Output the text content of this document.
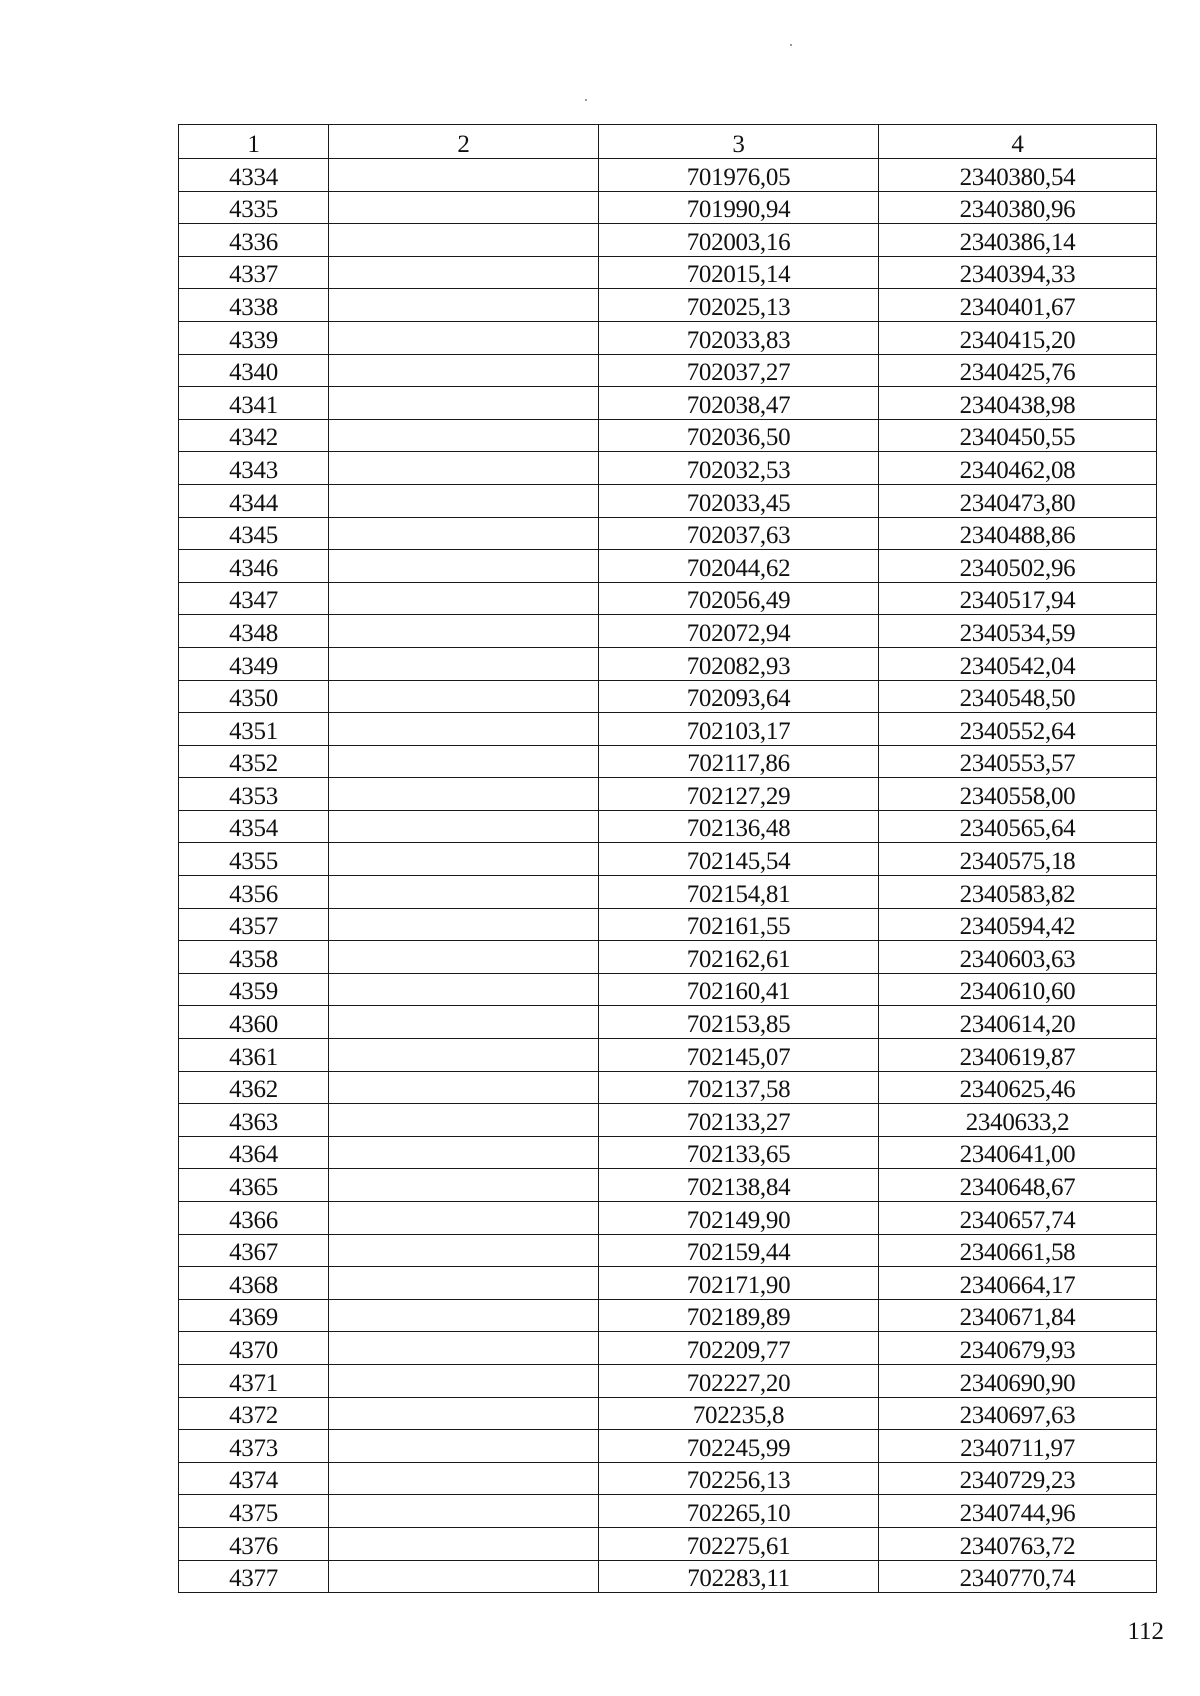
1	2	3	4
4334		701976,05	2340380,54
4335		701990,94	2340380,96
4336		702003,16	2340386,14
4337		702015,14	2340394,33
4338		702025,13	2340401,67
4339		702033,83	2340415,20
4340		702037,27	2340425,76
4341		702038,47	2340438,98
4342		702036,50	2340450,55
4343		702032,53	2340462,08
4344		702033,45	2340473,80
4345		702037,63	2340488,86
4346		702044,62	2340502,96
4347		702056,49	2340517,94
4348		702072,94	2340534,59
4349		702082,93	2340542,04
4350		702093,64	2340548,50
4351		702103,17	2340552,64
4352		702117,86	2340553,57
4353		702127,29	2340558,00
4354		702136,48	2340565,64
4355		702145,54	2340575,18
4356		702154,81	2340583,82
4357		702161,55	2340594,42
4358		702162,61	2340603,63
4359		702160,41	2340610,60
4360		702153,85	2340614,20
4361		702145,07	2340619,87
4362		702137,58	2340625,46
4363		702133,27	2340633,2
4364		702133,65	2340641,00
4365		702138,84	2340648,67
4366		702149,90	2340657,74
4367		702159,44	2340661,58
4368		702171,90	2340664,17
4369		702189,89	2340671,84
4370		702209,77	2340679,93
4371		702227,20	2340690,90
4372		702235,8	2340697,63
4373		702245,99	2340711,97
4374		702256,13	2340729,23
4375		702265,10	2340744,96
4376		702275,61	2340763,72
4377		702283,11	2340770,74
112
